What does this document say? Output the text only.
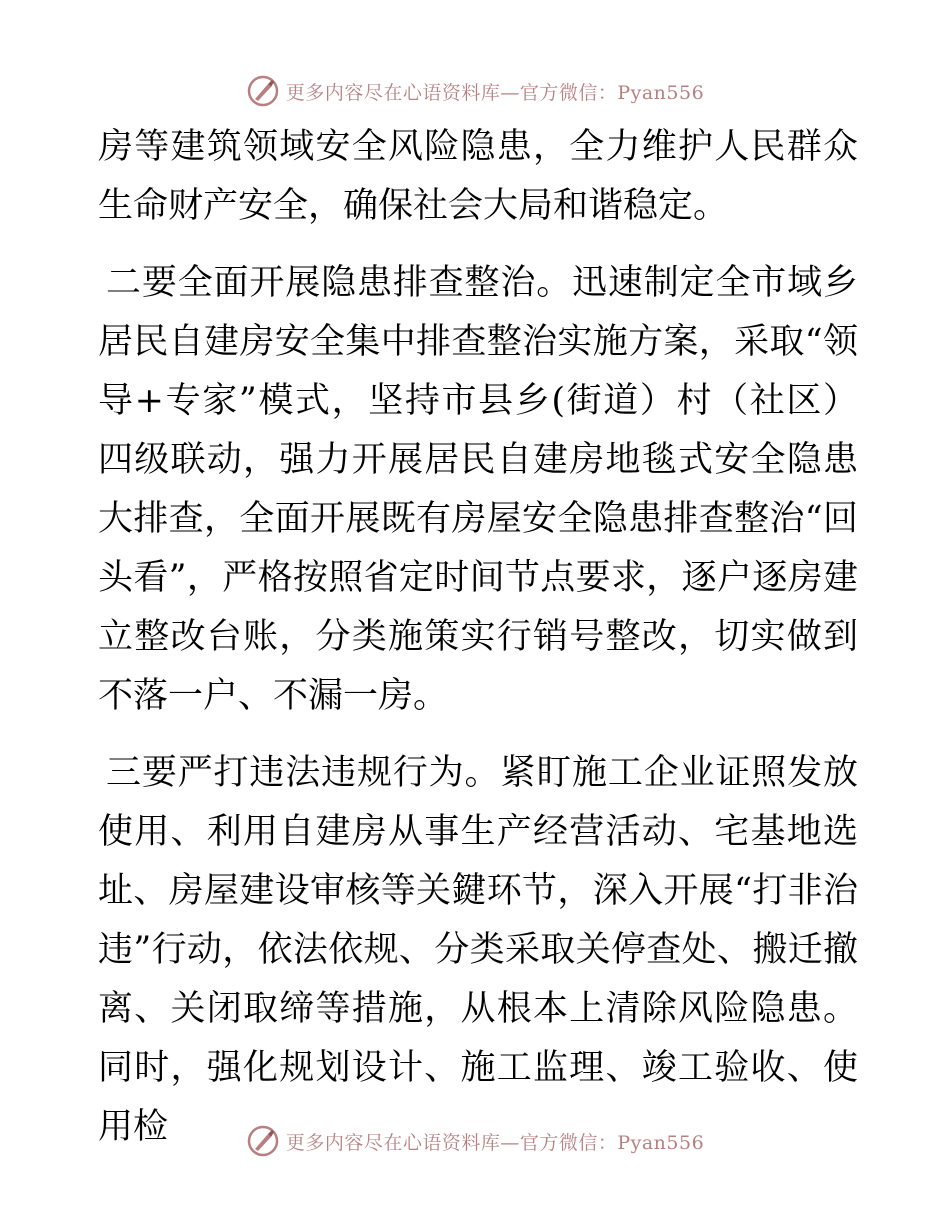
更多内容尽在心语资料库—官方微信：Pyan556

房等建筑领域安全风险隐患，全力维护人民群众生命财产安全，确保社会大局和谐稳定。

二要全面开展隐患排查整治。迅速制定全市域乡居民自建房安全集中排查整治实施方案，采取“领导+专家”模式，坚持市县乡(街道）村（社区）四级联动，强力开展居民自建房地毯式安全隐患大排查，全面开展既有房屋安全隐患排查整治“回头看”，严格按照省定时间节点要求，逐户逐房建立整改台账，分类施策实行销号整改，切实做到不落一户、不漏一房。

三要严打违法违规行为。紧盯施工企业证照发放使用、利用自建房从事生产经营活动、宅基地选址、房屋建设审核等关鍵环节，深入开展“打非治违”行动，依法依规、分类采取关停查处、搬迁撤离、关闭取缔等措施，从根本上清除风险隐患。同时，强化规划设计、施工监理、竣工验收、使用检	更多内容尽在心语资料库—官方微信：Pyan556
